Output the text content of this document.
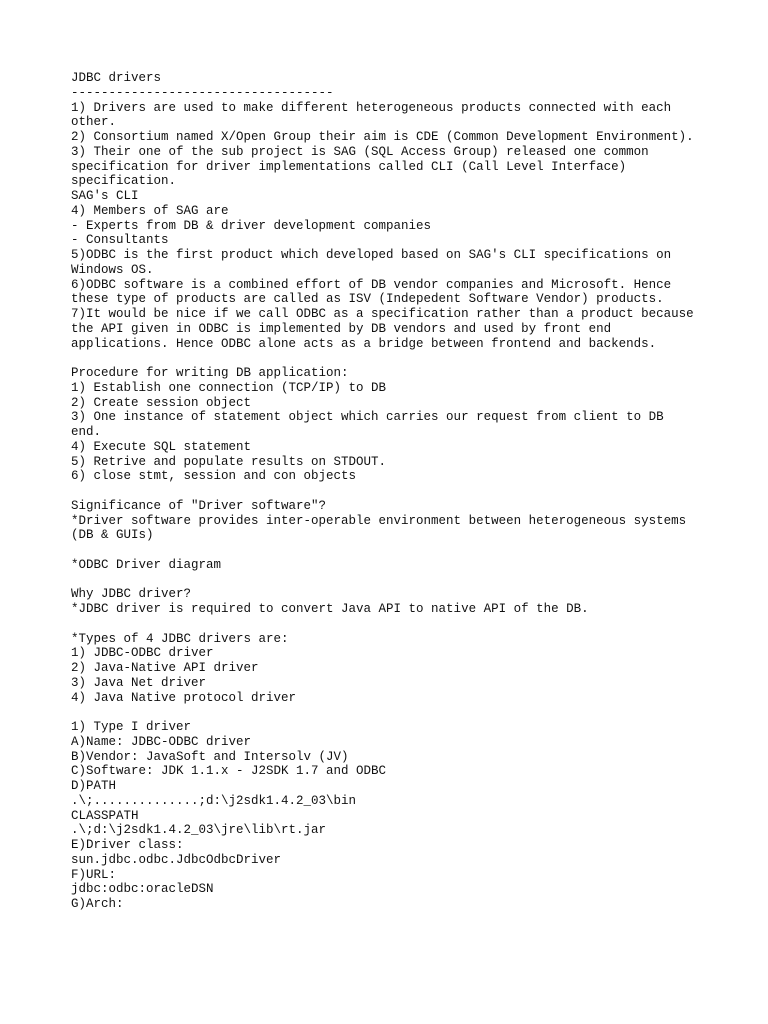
JDBC drivers
-----------------------------------
1) Drivers are used to make different heterogeneous products connected with each
other.
2) Consortium named X/Open Group their aim is CDE (Common Development Environment).
3) Their one of the sub project is SAG (SQL Access Group) released one common
specification for driver implementations called CLI (Call Level Interface)
specification.
SAG's CLI
4) Members of SAG are
- Experts from DB & driver development companies
- Consultants
5)ODBC is the first product which developed based on SAG's CLI specifications on
Windows OS.
6)ODBC software is a combined effort of DB vendor companies and Microsoft. Hence
these type of products are called as ISV (Indepedent Software Vendor) products.
7)It would be nice if we call ODBC as a specification rather than a product because
the API given in ODBC is implemented by DB vendors and used by front end
applications. Hence ODBC alone acts as a bridge between frontend and backends.
Procedure for writing DB application:
1) Establish one connection (TCP/IP) to DB
2) Create session object
3) One instance of statement object which carries our request from client to DB
end.
4) Execute SQL statement
5) Retrive and populate results on STDOUT.
6) close stmt, session and con objects
Significance of "Driver software"?
*Driver software provides inter-operable environment between heterogeneous systems
(DB & GUIs)
*ODBC Driver diagram
Why JDBC driver?
*JDBC driver is required to convert Java API to native API of the DB.
*Types of 4 JDBC drivers are:
1) JDBC-ODBC driver
2) Java-Native API driver
3) Java Net driver
4) Java Native protocol driver
1) Type I driver
A)Name: JDBC-ODBC driver
B)Vendor: JavaSoft and Intersolv (JV)
C)Software: JDK 1.1.x - J2SDK 1.7 and ODBC
D)PATH
.\;..............;d:\j2sdk1.4.2_03\bin
CLASSPATH
.\;d:\j2sdk1.4.2_03\jre\lib\rt.jar
E)Driver class:
sun.jdbc.odbc.JdbcOdbcDriver
F)URL:
jdbc:odbc:oracleDSN
G)Arch:
